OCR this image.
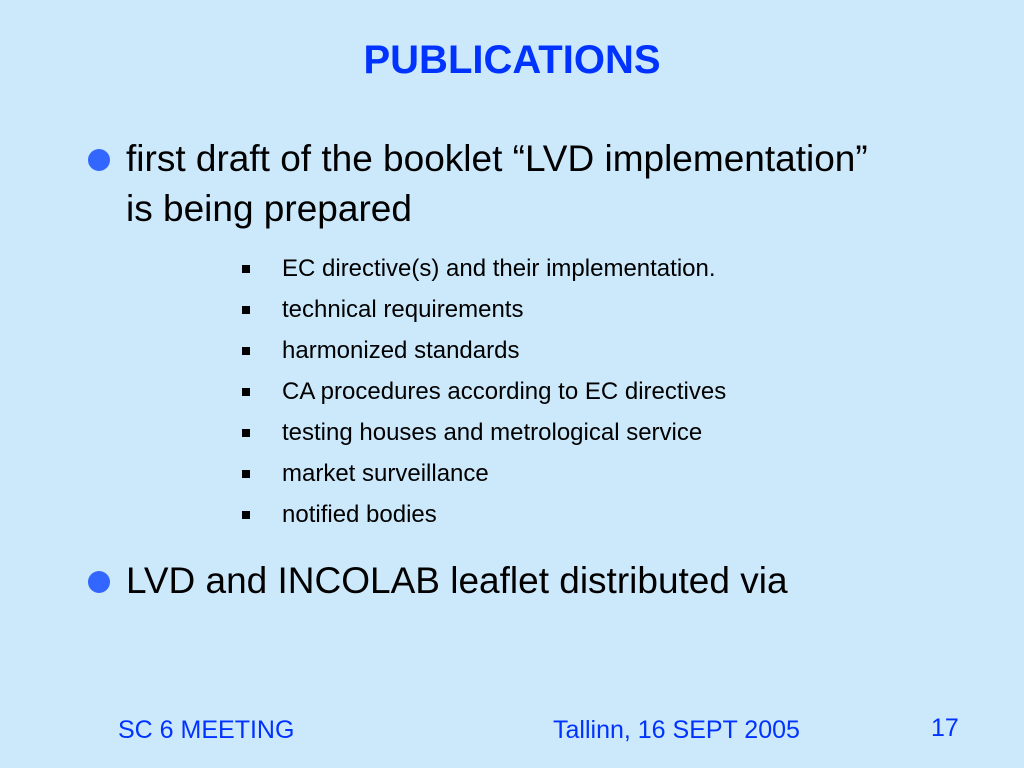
PUBLICATIONS
first draft of the booklet “LVD implementation” is being prepared
EC directive(s) and their implementation.
technical requirements
harmonized standards
CA procedures according to EC directives
testing houses and metrological service
market surveillance
notified bodies
LVD and INCOLAB leaflet distributed via
SC 6 MEETING	Tallinn, 16 SEPT 2005	17
